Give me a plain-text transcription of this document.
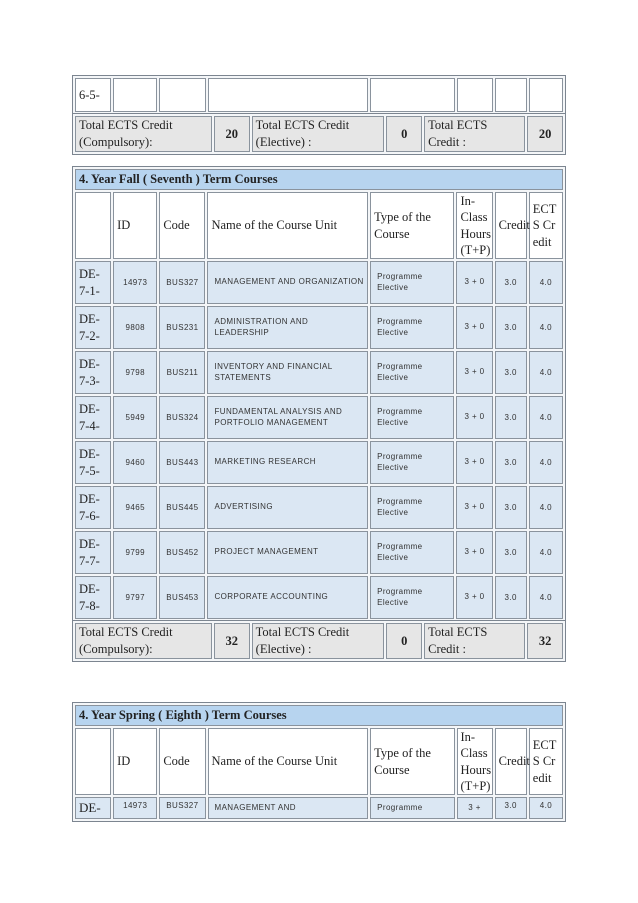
6-5-							
Total ECTS Credit (Compulsory):	20	Total ECTS Credit (Elective) :	0	Total ECTS Credit :	20
4. Year Fall ( Seventh ) Term Courses							
	ID	Code	Name of the Course Unit	Type of the Course	In-Class Hours (T+P)	Credit	ECTS Credit
DE-7-1-	14973	BUS327	MANAGEMENT AND ORGANIZATION	Programme Elective	3 + 0	3.0	4.0
DE-7-2-	9808	BUS231	ADMINISTRATION AND LEADERSHIP	Programme Elective	3 + 0	3.0	4.0
DE-7-3-	9798	BUS211	INVENTORY AND FINANCIAL STATEMENTS	Programme Elective	3 + 0	3.0	4.0
DE-7-4-	5949	BUS324	FUNDAMENTAL ANALYSIS AND PORTFOLIO MANAGEMENT	Programme Elective	3 + 0	3.0	4.0
DE-7-5-	9460	BUS443	MARKETING RESEARCH	Programme Elective	3 + 0	3.0	4.0
DE-7-6-	9465	BUS445	ADVERTISING	Programme Elective	3 + 0	3.0	4.0
DE-7-7-	9799	BUS452	PROJECT MANAGEMENT	Programme Elective	3 + 0	3.0	4.0
DE-7-8-	9797	BUS453	CORPORATE ACCOUNTING	Programme Elective	3 + 0	3.0	4.0
Total ECTS Credit (Compulsory):	32	Total ECTS Credit (Elective) :	0	Total ECTS Credit :	32
4. Year Spring ( Eighth ) Term Courses							
	ID	Code	Name of the Course Unit	Type of the Course	In-Class Hours (T+P)	Credit	ECTS Credit
DE-	14973	BUS327	MANAGEMENT AND	Programme	3 +	3.0	4.0
